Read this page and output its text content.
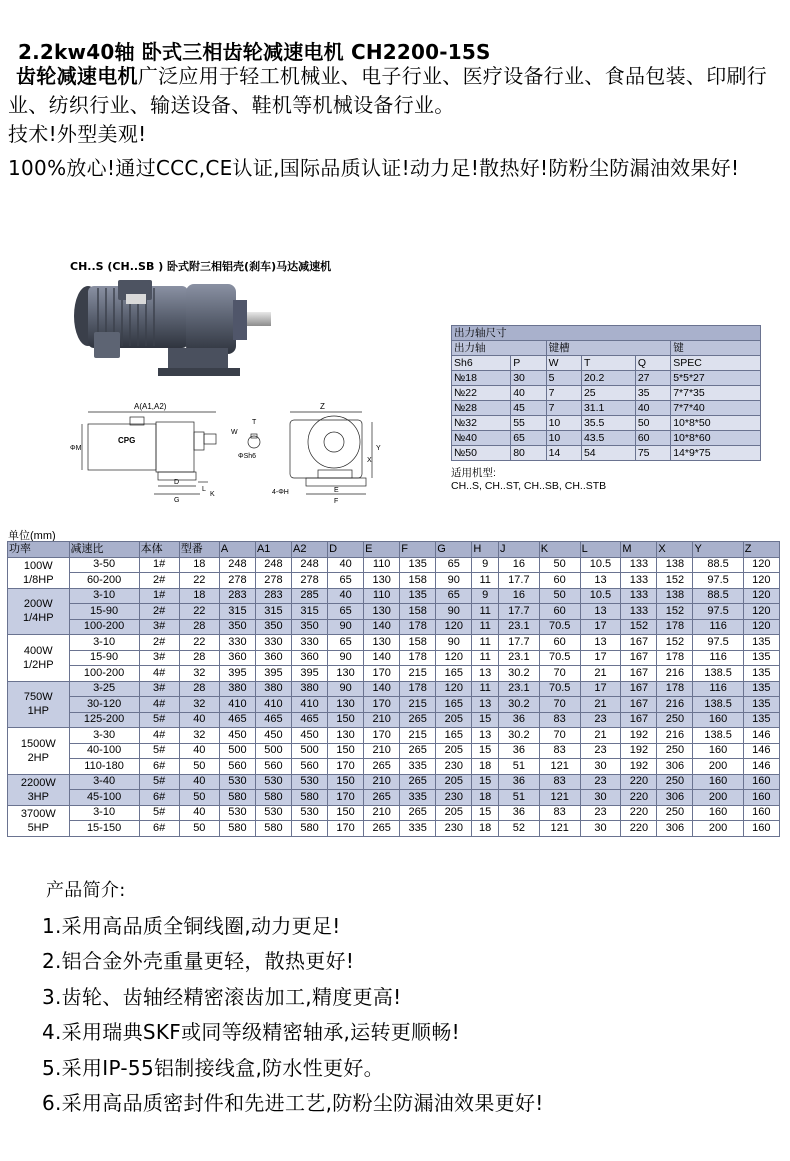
2.2kw40轴 卧式三相齿轮减速电机 CH2200-15S

齿轮减速电机广泛应用于轻工机械业、电子行业、医疗设备行业、食品包装、印刷行业、纺织行业、输送设备、鞋机等机械设备行业。

技术!外型美观!

100%放心!通过CCC,CE认证,国际品质认证!动力足!散热好!防粉尘防漏油效果好!

CH..S (CH..SB ) 卧式附三相铝壳(刹车)马达减速机
CPG
A(A1,A2)
ΦM
D
G
L
K
W
T
ΦSh6
Z
Y
X
E
F
4-ΦH
出力轴尺寸					
出力轴		键槽			键
Sh6	P	W	T	Q	SPEC
№18	30	5	20.2	27	5*5*27
№22	40	7	25	35	7*7*35
№28	45	7	31.1	40	7*7*40
№32	55	10	35.5	50	10*8*50
№40	65	10	43.5	60	10*8*60
№50	80	14	54	75	14*9*75
适用机型:
CH..S, CH..ST, CH..SB, CH..STB
单位(mm)
功率	减速比	本体	型番	A	A1	A2	D	E	F	G	H	J	K	L	M	X	Y	Z

100W
1/8HP	3-50	1#	18	248	248	248	40	110	135	65	9	16	50	10.5	133	138	88.5	120
	60-200	2#	22	278	278	278	65	130	158	90	11	17.7	60	13	133	152	97.5	120

200W
1/4HP	3-10	1#	18	283	283	285	40	110	135	65	9	16	50	10.5	133	138	88.5	120
	15-90	2#	22	315	315	315	65	130	158	90	11	17.7	60	13	133	152	97.5	120
	100-200	3#	28	350	350	350	90	140	178	120	11	23.1	70.5	17	152	178	116	120

400W
1/2HP	3-10	2#	22	330	330	330	65	130	158	90	11	17.7	60	13	167	152	97.5	135
	15-90	3#	28	360	360	360	90	140	178	120	11	23.1	70.5	17	167	178	116	135
	100-200	4#	32	395	395	395	130	170	215	165	13	30.2	70	21	167	216	138.5	135

750W
1HP	3-25	3#	28	380	380	380	90	140	178	120	11	23.1	70.5	17	167	178	116	135
	30-120	4#	32	410	410	410	130	170	215	165	13	30.2	70	21	167	216	138.5	135
	125-200	5#	40	465	465	465	150	210	265	205	15	36	83	23	167	250	160	135

1500W
2HP	3-30	4#	32	450	450	450	130	170	215	165	13	30.2	70	21	192	216	138.5	146
	40-100	5#	40	500	500	500	150	210	265	205	15	36	83	23	192	250	160	146
	110-180	6#	50	560	560	560	170	265	335	230	18	51	121	30	192	306	200	146

2200W
3HP	3-40	5#	40	530	530	530	150	210	265	205	15	36	83	23	220	250	160	160
	45-100	6#	50	580	580	580	170	265	335	230	18	51	121	30	220	306	200	160

3700W
5HP	3-10	5#	40	530	530	530	150	210	265	205	15	36	83	23	220	250	160	160
	15-150	6#	50	580	580	580	170	265	335	230	18	52	121	30	220	306	200	160
产品简介:
1.采用高品质全铜线圈,动力更足!
2.铝合金外壳重量更轻，散热更好!
3.齿轮、齿轴经精密滚齿加工,精度更高!
4.采用瑞典SKF或同等级精密轴承,运转更顺畅!
5.采用IP-55铝制接线盒,防水性更好。
6.采用高品质密封件和先进工艺,防粉尘防漏油效果更好!
